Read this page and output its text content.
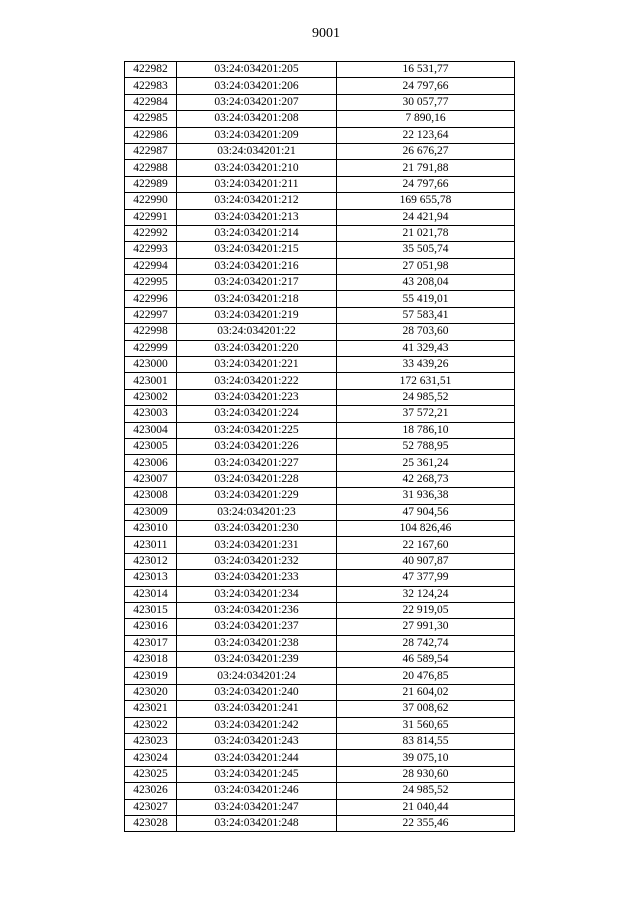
9001
422982	03:24:034201:205	16 531,77
422983	03:24:034201:206	24 797,66
422984	03:24:034201:207	30 057,77
422985	03:24:034201:208	7 890,16
422986	03:24:034201:209	22 123,64
422987	03:24:034201:21	26 676,27
422988	03:24:034201:210	21 791,88
422989	03:24:034201:211	24 797,66
422990	03:24:034201:212	169 655,78
422991	03:24:034201:213	24 421,94
422992	03:24:034201:214	21 021,78
422993	03:24:034201:215	35 505,74
422994	03:24:034201:216	27 051,98
422995	03:24:034201:217	43 208,04
422996	03:24:034201:218	55 419,01
422997	03:24:034201:219	57 583,41
422998	03:24:034201:22	28 703,60
422999	03:24:034201:220	41 329,43
423000	03:24:034201:221	33 439,26
423001	03:24:034201:222	172 631,51
423002	03:24:034201:223	24 985,52
423003	03:24:034201:224	37 572,21
423004	03:24:034201:225	18 786,10
423005	03:24:034201:226	52 788,95
423006	03:24:034201:227	25 361,24
423007	03:24:034201:228	42 268,73
423008	03:24:034201:229	31 936,38
423009	03:24:034201:23	47 904,56
423010	03:24:034201:230	104 826,46
423011	03:24:034201:231	22 167,60
423012	03:24:034201:232	40 907,87
423013	03:24:034201:233	47 377,99
423014	03:24:034201:234	32 124,24
423015	03:24:034201:236	22 919,05
423016	03:24:034201:237	27 991,30
423017	03:24:034201:238	28 742,74
423018	03:24:034201:239	46 589,54
423019	03:24:034201:24	20 476,85
423020	03:24:034201:240	21 604,02
423021	03:24:034201:241	37 008,62
423022	03:24:034201:242	31 560,65
423023	03:24:034201:243	83 814,55
423024	03:24:034201:244	39 075,10
423025	03:24:034201:245	28 930,60
423026	03:24:034201:246	24 985,52
423027	03:24:034201:247	21 040,44
423028	03:24:034201:248	22 355,46
